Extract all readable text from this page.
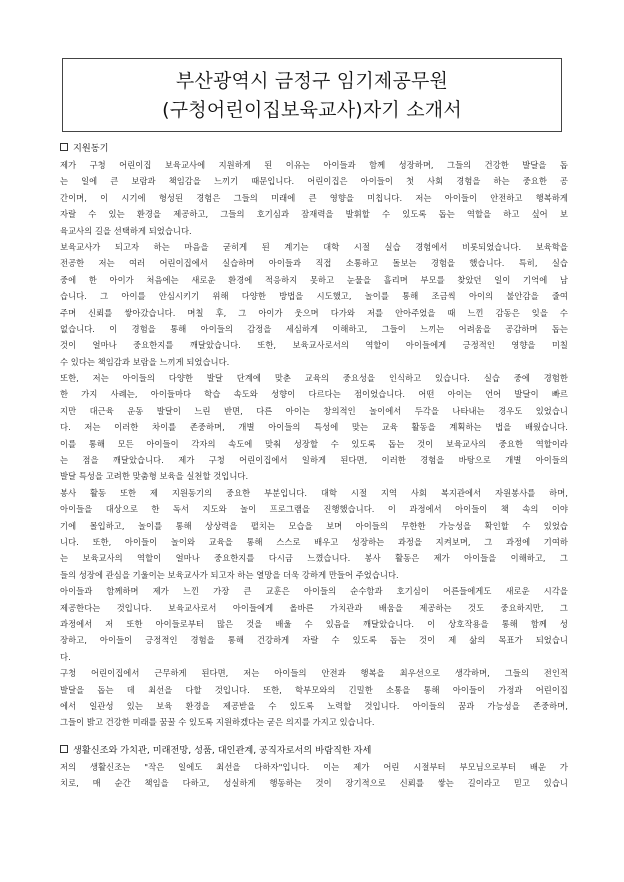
부산광역시 금정구 임기제공무원
(구청어린이집보육교사)자기 소개서
지원동기
제가 구청 어린이집 보육교사에 지원하게 된 이유는 아이들과 함께 성장하며, 그들의 건강한 발달을 돕
는 일에 큰 보람과 책임감을 느끼기 때문입니다. 어린이집은 아이들이 첫 사회 경험을 하는 중요한 공
간이며, 이 시기에 형성된 경험은 그들의 미래에 큰 영향을 미칩니다. 저는 아이들이 안전하고 행복하게
자랄 수 있는 환경을 제공하고, 그들의 호기심과 잠재력을 발휘할 수 있도록 돕는 역할을 하고 싶어 보
육교사의 길을 선택하게 되었습니다.
보육교사가 되고자 하는 마음을 굳히게 된 계기는 대학 시절 실습 경험에서 비롯되었습니다. 보육학을
전공한 저는 여러 어린이집에서 실습하며 아이들과 직접 소통하고 돌보는 경험을 했습니다. 특히, 실습
중에 한 아이가 처음에는 새로운 환경에 적응하지 못하고 눈물을 흘리며 부모를 찾았던 일이 기억에 남
습니다. 그 아이를 안심시키기 위해 다양한 방법을 시도했고, 놀이를 통해 조금씩 아이의 불안감을 줄여
주며 신뢰를 쌓아갔습니다. 며칠 후, 그 아이가 웃으며 다가와 저를 안아주었을 때 느낀 감동은 잊을 수
없습니다. 이 경험을 통해 아이들의 감정을 세심하게 이해하고, 그들이 느끼는 어려움을 공감하며 돕는
것이 얼마나 중요한지를 깨달았습니다. 또한, 보육교사로서의 역할이 아이들에게 긍정적인 영향을 미칠
수 있다는 책임감과 보람을 느끼게 되었습니다.
또한, 저는 아이들의 다양한 발달 단계에 맞춘 교육의 중요성을 인식하고 있습니다. 실습 중에 경험한
한 가지 사례는, 아이들마다 학습 속도와 성향이 다르다는 점이었습니다. 어떤 아이는 언어 발달이 빠르
지만 대근육 운동 발달이 느린 반면, 다른 아이는 창의적인 놀이에서 두각을 나타내는 경우도 있었습니
다. 저는 이러한 차이를 존중하며, 개별 아이들의 특성에 맞는 교육 활동을 계획하는 법을 배웠습니다.
이를 통해 모든 아이들이 각자의 속도에 맞춰 성장할 수 있도록 돕는 것이 보육교사의 중요한 역할이라
는 점을 깨달았습니다. 제가 구청 어린이집에서 일하게 된다면, 이러한 경험을 바탕으로 개별 아이들의
발달 특성을 고려한 맞춤형 보육을 실천할 것입니다.
봉사 활동 또한 제 지원동기의 중요한 부분입니다. 대학 시절 지역 사회 복지관에서 자원봉사를 하며,
아이들을 대상으로 한 독서 지도와 놀이 프로그램을 진행했습니다. 이 과정에서 아이들이 책 속의 이야
기에 몰입하고, 놀이를 통해 상상력을 펼치는 모습을 보며 아이들의 무한한 가능성을 확인할 수 있었습
니다. 또한, 아이들이 놀이와 교육을 통해 스스로 배우고 성장하는 과정을 지켜보며, 그 과정에 기여하
는 보육교사의 역할이 얼마나 중요한지를 다시금 느꼈습니다. 봉사 활동은 제가 아이들을 이해하고, 그
들의 성장에 관심을 기울이는 보육교사가 되고자 하는 열망을 더욱 강하게 만들어 주었습니다.
아이들과 함께하며 제가 느낀 가장 큰 교훈은 아이들의 순수함과 호기심이 어른들에게도 새로운 시각을
제공한다는 것입니다. 보육교사로서 아이들에게 올바른 가치관과 배움을 제공하는 것도 중요하지만, 그
과정에서 저 또한 아이들로부터 많은 것을 배울 수 있음을 깨달았습니다. 이 상호작용을 통해 함께 성
장하고, 아이들이 긍정적인 경험을 통해 건강하게 자랄 수 있도록 돕는 것이 제 삶의 목표가 되었습니
다.
구청 어린이집에서 근무하게 된다면, 저는 아이들의 안전과 행복을 최우선으로 생각하며, 그들의 전인적
발달을 돕는 데 최선을 다할 것입니다. 또한, 학부모와의 긴밀한 소통을 통해 아이들이 가정과 어린이집
에서 일관성 있는 보육 환경을 제공받을 수 있도록 노력할 것입니다. 아이들의 꿈과 가능성을 존중하며,
그들이 밝고 건강한 미래를 꿈꿀 수 있도록 지원하겠다는 굳은 의지를 가지고 있습니다.
생활신조와 가치관, 미래전망, 성품, 대인관계, 공직자로서의 바람직한 자세
저의 생활신조는 "작은 일에도 최선을 다하자"입니다. 이는 제가 어린 시절부터 부모님으로부터 배운 가
치로, 매 순간 책임을 다하고, 성실하게 행동하는 것이 장기적으로 신뢰를 쌓는 길이라고 믿고 있습니
